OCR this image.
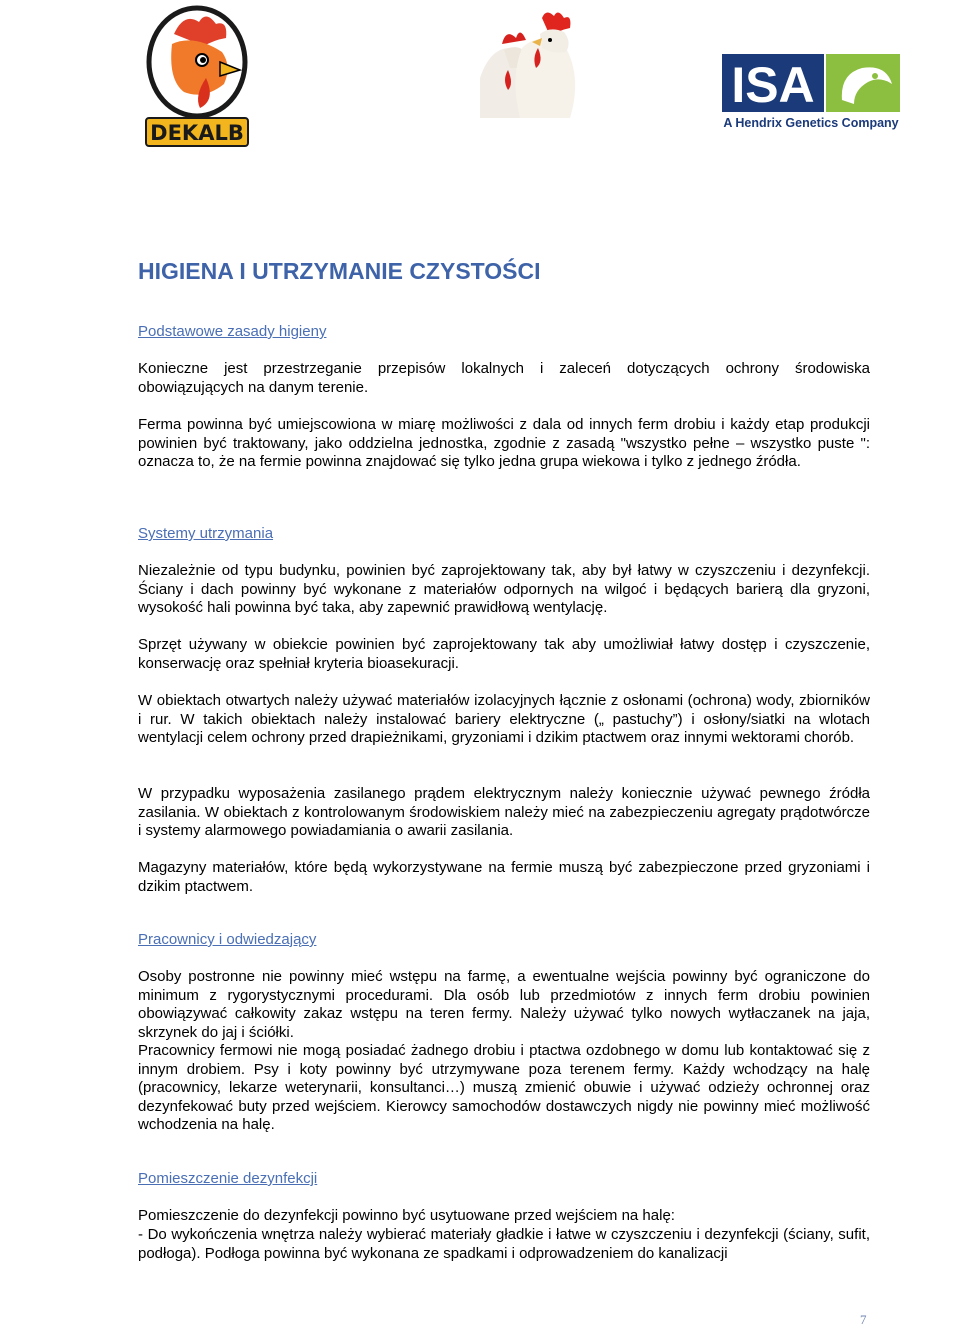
DEKALB
ISA
A Hendrix Genetics Company
HIGIENA I UTRZYMANIE CZYSTOŚCI
Podstawowe zasady higieny

Konieczne jest przestrzeganie przepisów lokalnych i zaleceń dotyczących ochrony środowiska obowiązujących na danym terenie.

Ferma powinna być umiejscowiona w miarę możliwości z dala od innych ferm drobiu i każdy etap produkcji powinien być traktowany, jako oddzielna jednostka, zgodnie z zasadą "wszystko pełne – wszystko puste ": oznacza to, że na fermie powinna znajdować się tylko jedna grupa wiekowa i tylko z jednego źródła.

Systemy utrzymania

Niezależnie od typu budynku, powinien być zaprojektowany tak, aby był łatwy w czyszczeniu i dezynfekcji. Ściany i dach powinny być wykonane z materiałów odpornych na wilgoć i będących barierą dla gryzoni, wysokość hali powinna być taka, aby zapewnić prawidłową wentylację.

Sprzęt używany w obiekcie powinien być zaprojektowany tak aby umożliwiał łatwy dostęp i czyszczenie, konserwację oraz spełniał kryteria bioasekuracji.

W obiektach otwartych należy używać materiałów izolacyjnych łącznie z osłonami (ochrona) wody, zbiorników i rur. W takich obiektach należy instalować bariery elektryczne („ pastuchy”) i osłony/siatki na wlotach wentylacji celem ochrony przed drapieżnikami, gryzoniami i dzikim ptactwem oraz innymi wektorami chorób.

W przypadku wyposażenia zasilanego prądem elektrycznym należy koniecznie używać pewnego źródła zasilania. W obiektach z kontrolowanym środowiskiem należy mieć na zabezpieczeniu agregaty prądotwórcze i systemy alarmowego powiadamiania o awarii zasilania.

Magazyny materiałów, które będą wykorzystywane na fermie muszą być zabezpieczone przed gryzoniami i dzikim ptactwem.

Pracownicy i odwiedzający

Osoby postronne nie powinny mieć wstępu na farmę, a ewentualne wejścia powinny być ograniczone do minimum z rygorystycznymi procedurami. Dla osób lub przedmiotów z innych ferm drobiu powinien obowiązywać całkowity zakaz wstępu na teren fermy. Należy używać tylko nowych wytłaczanek na jaja, skrzynek do jaj i ściółki.

Pracownicy fermowi nie mogą posiadać żadnego drobiu i ptactwa ozdobnego w domu lub kontaktować się z innym drobiem. Psy i koty powinny być utrzymywane poza terenem fermy. Każdy wchodzący na halę (pracownicy, lekarze weterynarii, konsultanci…) muszą zmienić obuwie i używać odzieży ochronnej oraz dezynfekować buty przed wejściem. Kierowcy samochodów dostawczych nigdy nie powinny mieć możliwość wchodzenia na halę.

Pomieszczenie dezynfekcji

Pomieszczenie do dezynfekcji powinno być usytuowane przed wejściem na halę:

- Do wykończenia wnętrza należy wybierać materiały gładkie i łatwe w czyszczeniu i dezynfekcji (ściany, sufit, podłoga). Podłoga powinna być wykonana ze spadkami i odprowadzeniem do kanalizacji

7
